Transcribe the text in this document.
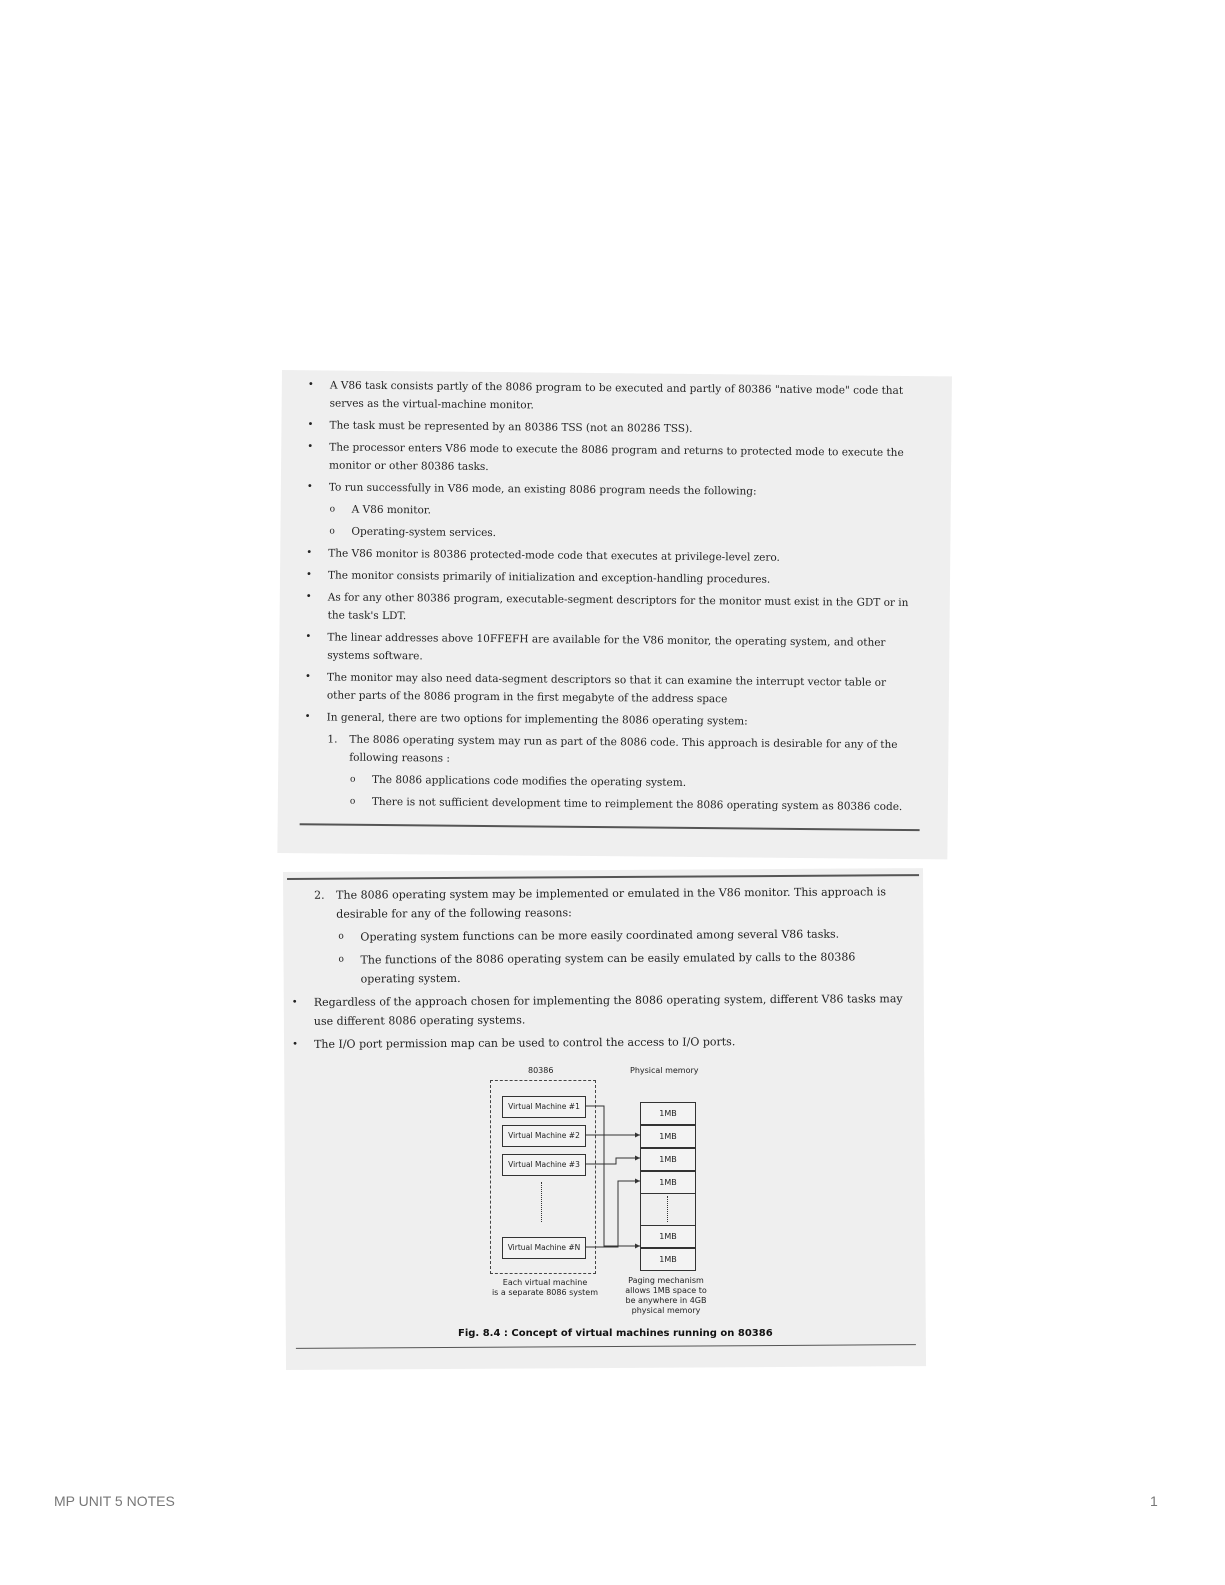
• A V86 task consists partly of the 8086 program to be executed and partly of 80386 "native mode" code that serves as the virtual-machine monitor.
• The task must be represented by an 80386 TSS (not an 80286 TSS).
• The processor enters V86 mode to execute the 8086 program and returns to protected mode to execute the monitor or other 80386 tasks.
• To run successfully in V86 mode, an existing 8086 program needs the following:
o A V86 monitor.
o Operating-system services.
• The V86 monitor is 80386 protected-mode code that executes at privilege-level zero.
• The monitor consists primarily of initialization and exception-handling procedures.
• As for any other 80386 program, executable-segment descriptors for the monitor must exist in the GDT or in the task's LDT.
• The linear addresses above 10FFEFH are available for the V86 monitor, the operating system, and other systems software.
• The monitor may also need data-segment descriptors so that it can examine the interrupt vector table or other parts of the 8086 program in the first megabyte of the address space
• In general, there are two options for implementing the 8086 operating system:
1. The 8086 operating system may run as part of the 8086 code. This approach is desirable for any of the following reasons :
o The 8086 applications code modifies the operating system.
o There is not sufficient development time to reimplement the 8086 operating system as 80386 code.
2. The 8086 operating system may be implemented or emulated in the V86 monitor. This approach is desirable for any of the following reasons:
o Operating system functions can be more easily coordinated among several V86 tasks.
o The functions of the 8086 operating system can be easily emulated by calls to the 80386 operating system.
• Regardless of the approach chosen for implementing the 8086 operating system, different V86 tasks may use different 8086 operating systems.
• The I/O port permission map can be used to control the access to I/O ports.
80386	Physical memory
Virtual Machine #1
Virtual Machine #2
Virtual Machine #3
Virtual Machine #N
1MB
1MB
1MB
1MB
1MB
1MB
Each virtual machine
is a separate 8086 system
Paging mechanism
allows 1MB space to
be anywhere in 4GB
physical memory
Fig. 8.4 : Concept of virtual machines running on 80386
MP UNIT 5 NOTES	1
